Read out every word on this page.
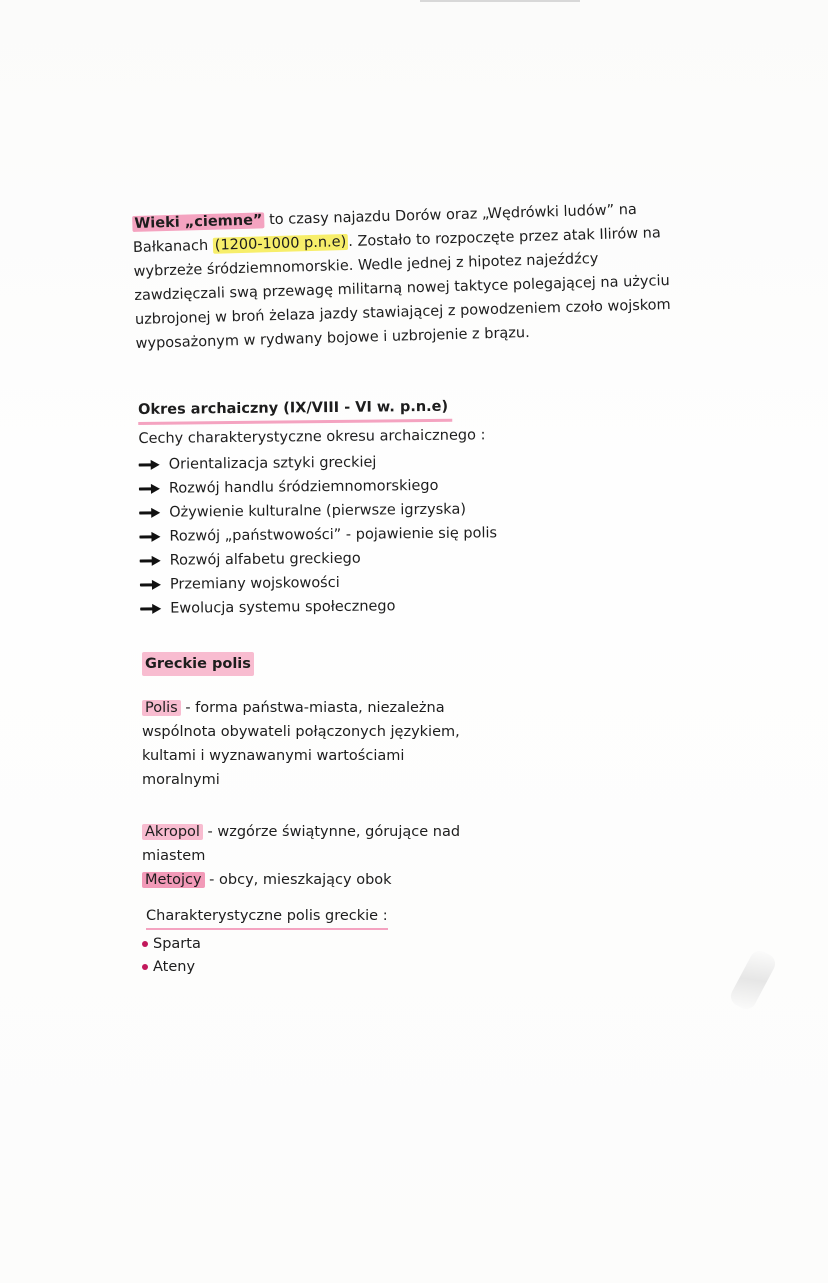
Wieki „ciemne” to czasy najazdu Dorów oraz „Wędrówki ludów” na Bałkanach (1200-1000 p.n.e) . Zostało to rozpoczęte przez atak Ilirów na wybrzeże śródziemnomorskie. Wedle jednej z hipotez najeźdźcy zawdzięczali swą przewagę militarną nowej taktyce polegającej na użyciu uzbrojonej w broń żelaza jazdy stawiającej z powodzeniem czoło wojskom wyposażonym w rydwany bojowe i uzbrojenie z brązu.

Okres archaiczny (IX/VIII - VI w. p.n.e)
Cechy charakterystyczne okresu archaicznego :
Orientalizacja sztyki greckiej
Rozwój handlu śródziemnomorskiego
Ożywienie kulturalne (pierwsze igrzyska)
Rozwój „państwowości” - pojawienie się polis
Rozwój alfabetu greckiego
Przemiany wojskowości
Ewolucja systemu społecznego
Greckie polis

Polis - forma państwa-miasta, niezależna wspólnota obywateli połączonych językiem, kultami i wyznawanymi wartościami moralnymi

Akropol - wzgórze świątynne, górujące nad miastem

Metojcy - obcy, mieszkający obok

Charakterystyczne polis greckie :
Sparta
Ateny
